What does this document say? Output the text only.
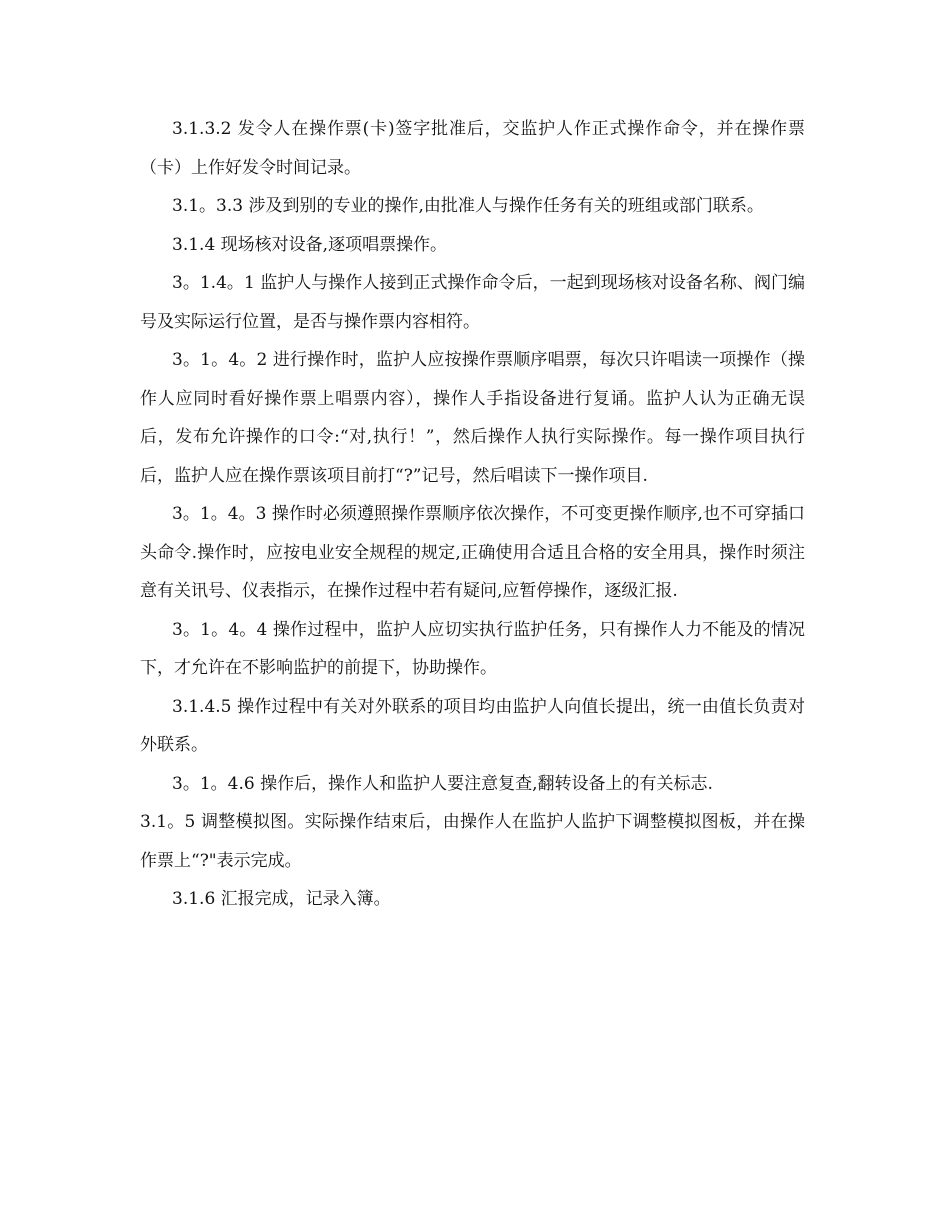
3.1.3.2 发令人在操作票(卡)签字批准后，交监护人作正式操作命令，并在操作票（卡）上作好发令时间记录。

3.1。3.3 涉及到别的专业的操作,由批准人与操作任务有关的班组或部门联系。

3.1.4 现场核对设备,逐项唱票操作。

3。1.4。1 监护人与操作人接到正式操作命令后，一起到现场核对设备名称、阀门编号及实际运行位置，是否与操作票内容相符。

3。1。4。2 进行操作时，监护人应按操作票顺序唱票，每次只许唱读一项操作（操作人应同时看好操作票上唱票内容），操作人手指设备进行复诵。监护人认为正确无误后，发布允许操作的口令:“对,执行！”，然后操作人执行实际操作。每一操作项目执行后，监护人应在操作票该项目前打“?”记号，然后唱读下一操作项目.

3。1。4。3 操作时必须遵照操作票顺序依次操作，不可变更操作顺序,也不可穿插口头命令.操作时，应按电业安全规程的规定,正确使用合适且合格的安全用具，操作时须注意有关讯号、仪表指示，在操作过程中若有疑问,应暂停操作，逐级汇报.

3。1。4。4 操作过程中，监护人应切实执行监护任务，只有操作人力不能及的情况下，才允许在不影响监护的前提下，协助操作。

3.1.4.5 操作过程中有关对外联系的项目均由监护人向值长提出，统一由值长负责对外联系。

3。1。4.6 操作后，操作人和监护人要注意复查,翻转设备上的有关标志.

3.1。5 调整模拟图。实际操作结束后，由操作人在监护人监护下调整模拟图板，并在操作票上“?"表示完成。

3.1.6 汇报完成，记录入簿。
